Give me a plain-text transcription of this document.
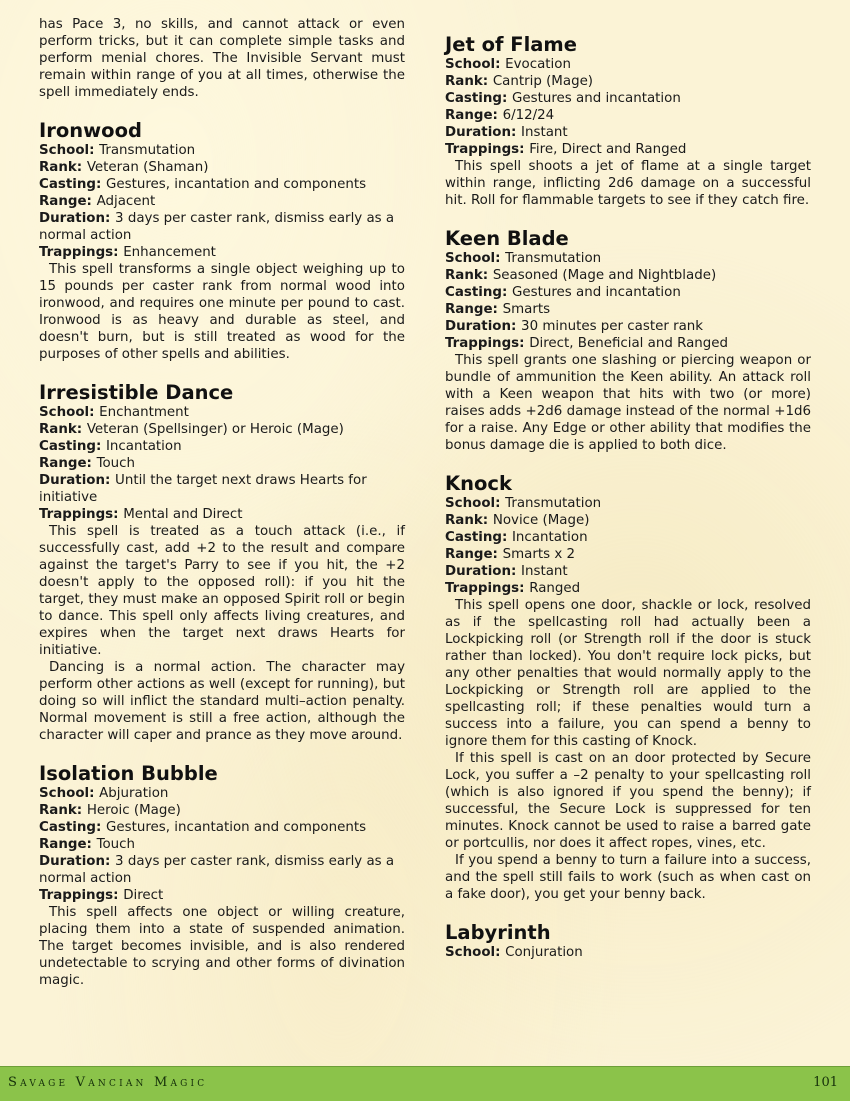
has Pace 3, no skills, and cannot attack or even perform tricks, but it can complete simple tasks and perform menial chores. The Invisible Servant must remain within range of you at all times, otherwise the spell immediately ends.

Ironwood
School: Transmutation
Rank: Veteran (Shaman)
Casting: Gestures, incantation and components
Range: Adjacent
Duration: 3 days per caster rank, dismiss early as a normal action
Trappings: Enhancement

This spell transforms a single object weighing up to 15 pounds per caster rank from normal wood into ironwood, and requires one minute per pound to cast. Ironwood is as heavy and durable as steel, and doesn't burn, but is still treated as wood for the purposes of other spells and abilities.

Irresistible Dance
School: Enchantment
Rank: Veteran (Spellsinger) or Heroic (Mage)
Casting: Incantation
Range: Touch
Duration: Until the target next draws Hearts for initiative
Trappings: Mental and Direct

This spell is treated as a touch attack (i.e., if successfully cast, add +2 to the result and compare against the target's Parry to see if you hit, the +2 doesn't apply to the opposed roll): if you hit the target, they must make an opposed Spirit roll or begin to dance. This spell only affects living creatures, and expires when the target next draws Hearts for initiative.

Dancing is a normal action. The character may perform other actions as well (except for running), but doing so will inflict the standard multi–action penalty. Normal movement is still a free action, although the character will caper and prance as they move around.

Isolation Bubble
School: Abjuration
Rank: Heroic (Mage)
Casting: Gestures, incantation and components
Range: Touch
Duration: 3 days per caster rank, dismiss early as a normal action
Trappings: Direct

This spell affects one object or willing creature, placing them into a state of suspended animation. The target becomes invisible, and is also rendered undetectable to scrying and other forms of divination magic.

Jet of Flame
School: Evocation
Rank: Cantrip (Mage)
Casting: Gestures and incantation
Range: 6/12/24
Duration: Instant
Trappings: Fire, Direct and Ranged

This spell shoots a jet of flame at a single target within range, inflicting 2d6 damage on a successful hit. Roll for flammable targets to see if they catch fire.

Keen Blade
School: Transmutation
Rank: Seasoned (Mage and Nightblade)
Casting: Gestures and incantation
Range: Smarts
Duration: 30 minutes per caster rank
Trappings: Direct, Beneficial and Ranged

This spell grants one slashing or piercing weapon or bundle of ammunition the Keen ability. An attack roll with a Keen weapon that hits with two (or more) raises adds +2d6 damage instead of the normal +1d6 for a raise. Any Edge or other ability that modifies the bonus damage die is applied to both dice.

Knock
School: Transmutation
Rank: Novice (Mage)
Casting: Incantation
Range: Smarts x 2
Duration: Instant
Trappings: Ranged

This spell opens one door, shackle or lock, resolved as if the spellcasting roll had actually been a Lockpicking roll (or Strength roll if the door is stuck rather than locked). You don't require lock picks, but any other penalties that would normally apply to the Lockpicking or Strength roll are applied to the spellcasting roll; if these penalties would turn a success into a failure, you can spend a benny to ignore them for this casting of Knock.

If this spell is cast on an door protected by Secure Lock, you suffer a –2 penalty to your spellcasting roll (which is also ignored if you spend the benny); if successful, the Secure Lock is suppressed for ten minutes. Knock cannot be used to raise a barred gate or portcullis, nor does it affect ropes, vines, etc.

If you spend a benny to turn a failure into a success, and the spell still fails to work (such as when cast on a fake door), you get your benny back.

Labyrinth
School: Conjuration
Savage Vancian Magic	101
